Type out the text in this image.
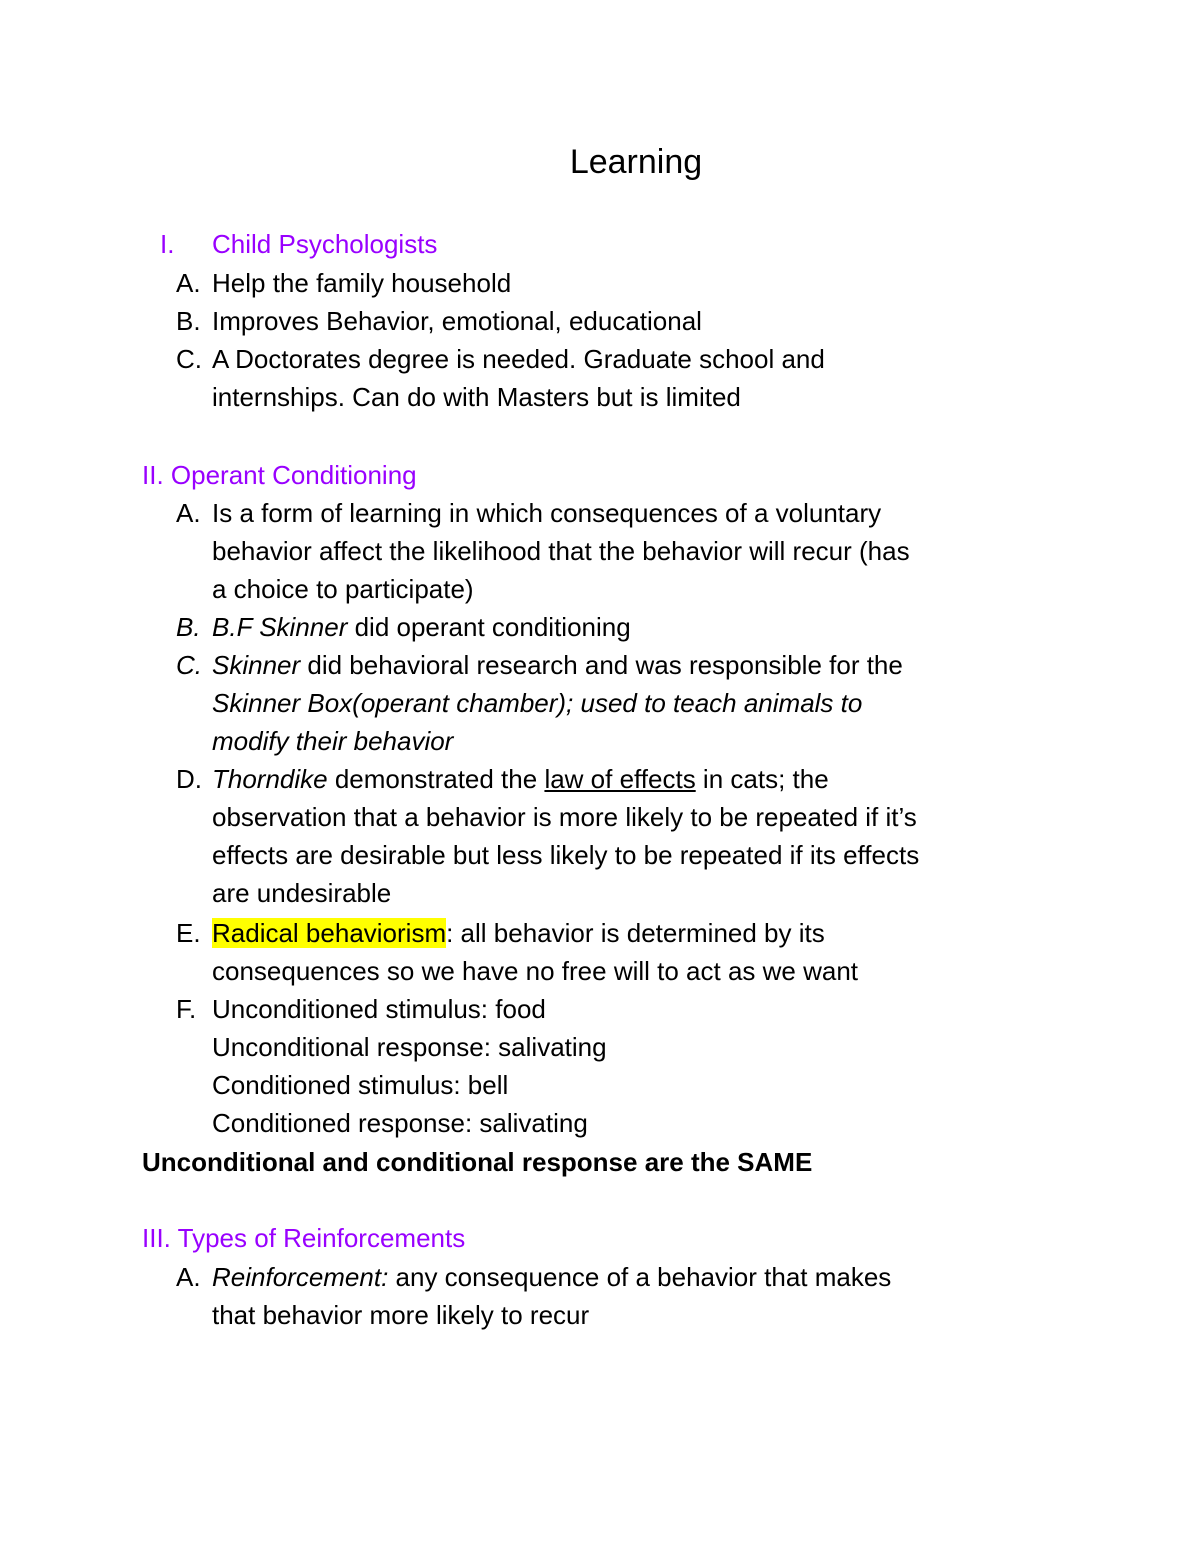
Learning
I. Child Psychologists
A. Help the family household
B. Improves Behavior, emotional, educational
C. A Doctorates degree is needed. Graduate school and
internships. Can do with Masters but is limited
II. Operant Conditioning
A. Is a form of learning in which consequences of a voluntary
behavior affect the likelihood that the behavior will recur (has
a choice to participate)
B. B.F Skinner did operant conditioning
C. Skinner did behavioral research and was responsible for the
Skinner Box(operant chamber); used to teach animals to
modify their behavior
D. Thorndike demonstrated the law of effects in cats; the
observation that a behavior is more likely to be repeated if it’s
effects are desirable but less likely to be repeated if its effects
are undesirable
E. Radical behaviorism: all behavior is determined by its
consequences so we have no free will to act as we want
F. Unconditioned stimulus: food
Unconditional response: salivating
Conditioned stimulus: bell
Conditioned response: salivating
Unconditional and conditional response are the SAME
III. Types of Reinforcements
A. Reinforcement: any consequence of a behavior that makes
that behavior more likely to recur
